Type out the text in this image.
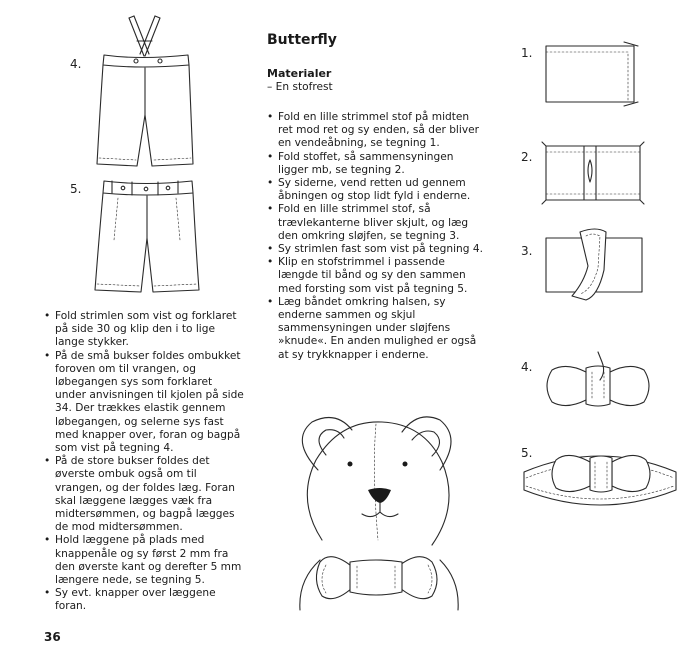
4.
5.
• Fold strimlen som vist og forklaret på side 30 og klip den i to lige lange stykker.
• På de små bukser foldes ombukket foroven om til vrangen, og løbegangen sys som forklaret under anvisningen til kjolen på side 34. Der trækkes elastik gennem løbegangen, og selerne sys fast med knapper over, foran og bagpå som vist på tegning 4.
• På de store bukser foldes det øverste ombuk også om til vrangen, og der foldes læg. Foran skal læggene lægges væk fra midtersømmen, og bagpå lægges de mod midtersømmen.
• Hold læggene på plads med knappenåle og sy først 2 mm fra den øverste kant og derefter 5 mm længere nede, se tegning 5.
• Sy evt. knapper over læggene foran.
36
Butterfly
Materialer
– En stofrest
• Fold en lille strimmel stof på midten ret mod ret og sy enden, så der bliver en vendeåbning, se tegning 1.
• Fold stoffet, så sammensyningen ligger mb, se tegning 2.
• Sy siderne, vend retten ud gennem åbningen og stop lidt fyld i enderne.
• Fold en lille strimmel stof, så trævlekanterne bliver skjult, og læg den omkring sløjfen, se tegning 3.
• Sy strimlen fast som vist på tegning 4.
• Klip en stofstrimmel i passende længde til bånd og sy den sammen med forsting som vist på tegning 5.
• Læg båndet omkring halsen, sy enderne sammen og skjul sammensyningen under sløjfens »knude«. En anden mulighed er også at sy trykknapper i enderne.
1.
2.
3.
4.
5.
